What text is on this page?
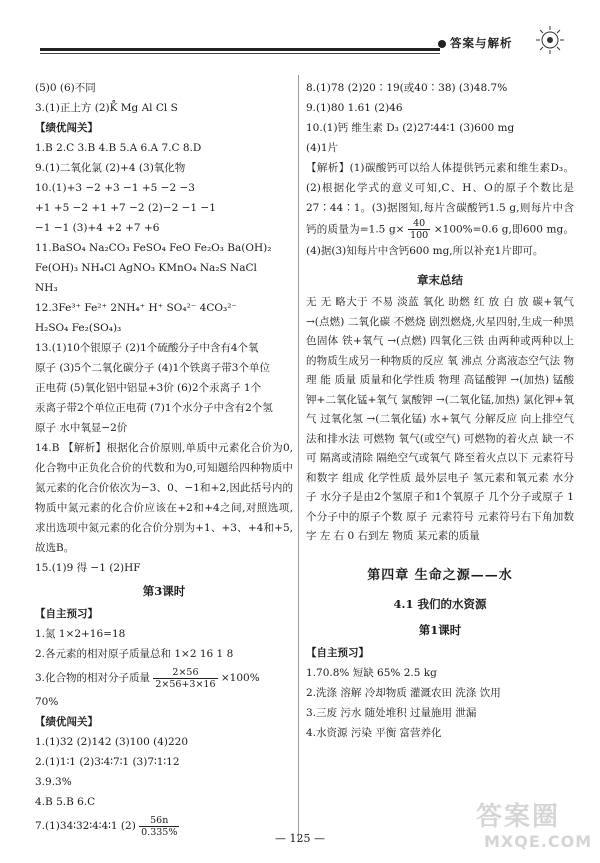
答案与解析
(5)0 (6)不同
3.(1)正上方 (2)K̊ Mg Al Cl S
【绩优闯关】
1.B 2.C 3.B 4.B 5.A 6.A 7.C 8.D
9.(1)二氧化氯 (2)+4 (3)氧化物
10.(1)+3 −2 +3 −1 +5 −2 −3
+1 +5 −2 +1 +7 −2 (2)−2 −1 −1
−1 −1 (3)+4 +2 +7 +6
11.BaSO₄ Na₂CO₃ FeSO₄ FeO Fe₂O₃ Ba(OH)₂
Fe(OH)₃ NH₄Cl AgNO₃ KMnO₄ Na₂S NaCl
NH₃
12.3Fe³⁺ Fe²⁺ 2NH₄⁺ H⁺ SO₄²⁻ 4CO₃²⁻
H₂SO₄ Fe₂(SO₄)₃
13.(1)10个银原子 (2)1个硫酸分子中含有4个氧
原子 (3)5个二氧化碳分子 (4)1个铁离子带3个单位
正电荷 (5)氧化铝中铝显+3价 (6)2个汞离子 1个
汞离子带2个单位正电荷 (7)1个水分子中含有2个氢
原子 水中氧显−2价
14.B 【解析】根据化合价原则,单质中元素化合价为0,化合物中正负化合价的代数和为0,可知题给四种物质中氮元素的化合价依次为−3、0、−1和+2,因此括号内的物质中氮元素的化合价应该在+2和+4之间,对照选项,求出选项中氮元素的化合价分别为+1、+3、+4和+5,故选B。
15.(1)9 得 −1 (2)HF
第3课时
【自主预习】
1.氮 1×2+16=18
2.各元素的相对原子质量总和 1×2 16 1 8
3.化合物的相对分子质量 $\frac{2\times 56}{2\times 56+3\times 16} \times 100\%$
70%
【绩优闯关】
1.(1)32 (2)142 (3)100 (4)220
2.(1)1∶1 (2)3∶4∶7∶1 (3)7∶1∶12
3.9.3%
4.B 5.B 6.C
7.(1)34∶32∶4∶4∶1 $(2) \frac{56n}{0.335\%}$
8.(1)78 (2)20∶19(或40∶38) (3)48.7%
9.(1)80 1.61 (2)46
10.(1)钙 维生素 D₃ (2)27∶44∶1 (3)600 mg
(4)1片
【解析】(1)碳酸钙可以给人体提供钙元素和维生素D₃。(2)根据化学式的意义可知,C、H、O的原子个数比是27∶44∶1。(3)据图知,每片含碳酸钙1.5 g,则每片中含钙的质量为=1.5 $g\times \frac{40}{100} \times 100\%=0.6$ g,即600 mg。(4)据(3)知每片中含钙600 mg,所以补充1片即可。
章末总结
无 无 略大于 不易 淡蓝 氧化 助燃 红 放 白 放 碳+氧气 →(点燃) 二氧化碳 不燃烧 剧烈燃烧,火星四射,生成一种黑色固体 铁+氧气 →(点燃) 四氧化三铁 由两种或两种以上的物质生成另一种物质的反应 氧 沸点 分离液态空气法 物理 能 质量 质量和化学性质 物理 高锰酸钾 →(加热) 锰酸钾+二氧化锰+氧气 氯酸钾 →(二氧化锰,加热) 氯化钾+氧气 过氧化氢 →(二氧化锰) 水+氧气 分解反应 向上排空气法和排水法 可燃物 氧气(或空气) 可燃物的着火点 缺一不可 隔离或清除 隔绝空气或氧气 降至着火点以下 元素符号和数字 组成 化学性质 最外层电子 氢元素和氧元素 水分子 水分子是由2个氢原子和1个氧原子 几个分子或原子 1个分子中的原子个数 原子 元素符号 元素符号右下角加数字 左 右 0 右到左 物质 某元素的质量
第四章 生命之源——水
4.1 我们的水资源
第1课时
【自主预习】
1.70.8% 短缺 65% 2.5 kg
2.洗涤 溶解 冷却物质 灌溉农田 洗涤 饮用
3.三废 污水 随处堆积 过量施用 泄漏
4.水资源 污染 平衡 富营养化
— 125 —
答案圈
MXQE.COM
